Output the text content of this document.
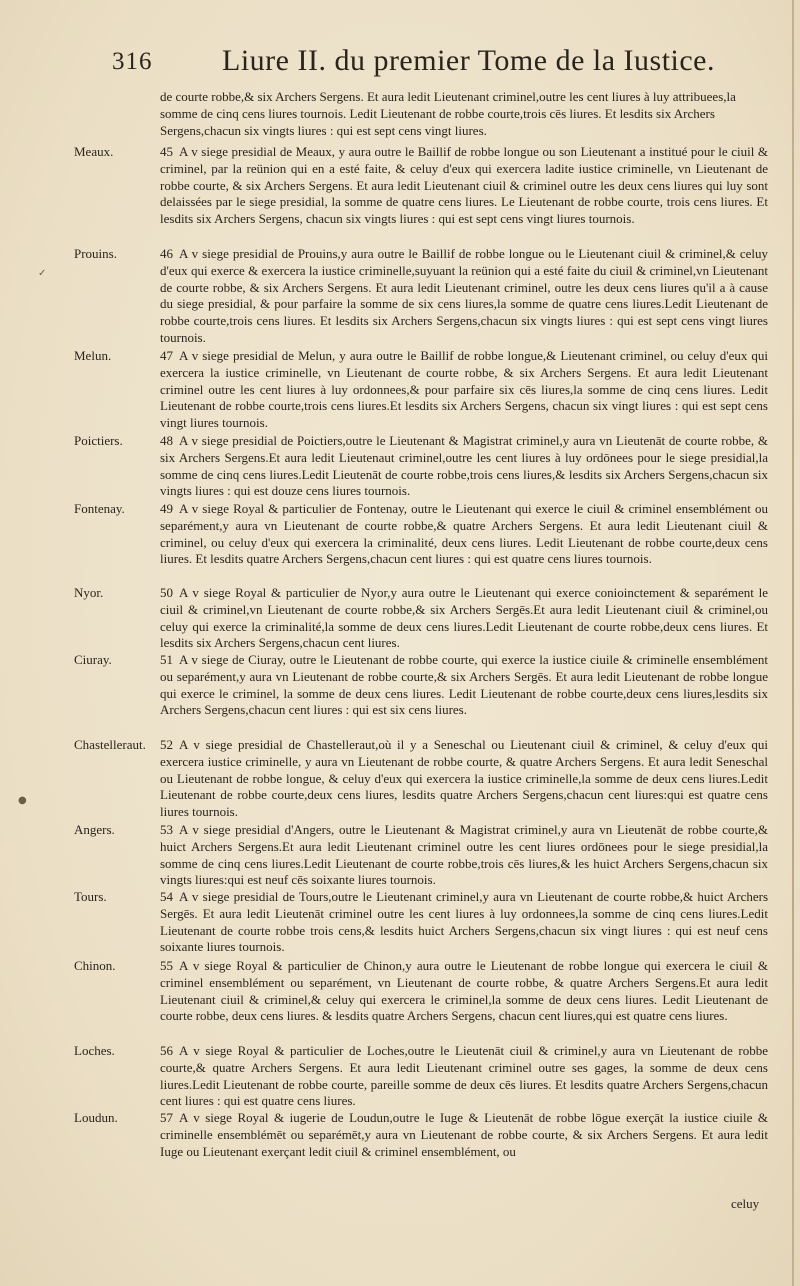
316 Liure II. du premier Tome de la Iustice.
de courte robbe,& six Archers Sergens. Et aura ledit Lieutenant criminel,outre les cent liures à luy attribuees,la somme de cinq cens liures tournois. Ledit Lieutenant de robbe courte,trois cēs liures. Et lesdits six Archers Sergens,chacun six vingts liures : qui est sept cens vingt liures.
Meaux.	45 A v siege presidial de Meaux, y aura outre le Baillif de robbe longue ou son Lieutenant a institué pour le ciuil & criminel, par la reünion qui en a esté faite, & celuy d'eux qui exercera ladite iustice criminelle, vn Lieutenant de robbe courte, & six Archers Sergens. Et aura ledit Lieutenant ciuil & criminel outre les deux cens liures qui luy sont delaissées par le siege presidial, la somme de quatre cens liures. Le Lieutenant de robbe courte, trois cens liures. Et lesdits six Archers Sergens, chacun six vingts liures : qui est sept cens vingt liures tournois.
Prouins.	46 A v siege presidial de Prouins,y aura outre le Baillif de robbe longue ou le Lieutenant ciuil & criminel,& celuy d'eux qui exerce & exercera la iustice criminelle,suyuant la reünion qui a esté faite du ciuil & criminel,vn Lieutenant de courte robbe, & six Archers Sergens. Et aura ledit Lieutenant criminel, outre les deux cens liures qu'il a à cause du siege presidial, & pour parfaire la somme de six cens liures,la somme de quatre cens liures.Ledit Lieutenant de robbe courte,trois cens liures. Et lesdits six Archers Sergens,chacun six vingts liures : qui est sept cens vingt liures tournois.
Melun.	47 A v siege presidial de Melun, y aura outre le Baillif de robbe longue,& Lieutenant criminel, ou celuy d'eux qui exercera la iustice criminelle, vn Lieutenant de courte robbe, & six Archers Sergens. Et aura ledit Lieutenant criminel outre les cent liures à luy ordonnees,& pour parfaire six cēs liures,la somme de cinq cens liures. Ledit Lieutenant de robbe courte,trois cens liures.Et lesdits six Archers Sergens, chacun six vingt liures : qui est sept cens vingt liures tournois.
Poictiers.	48 A v siege presidial de Poictiers,outre le Lieutenant & Magistrat criminel,y aura vn Lieutenāt de courte robbe, & six Archers Sergens.Et aura ledit Lieutenaut criminel,outre les cent liures à luy ordōnees pour le siege presidial,la somme de cinq cens liures.Ledit Lieutenāt de courte robbe,trois cens liures,& lesdits six Archers Sergens,chacun six vingts liures : qui est douze cens liures tournois.
Fontenay.	49 A v siege Royal & particulier de Fontenay, outre le Lieutenant qui exerce le ciuil & criminel ensemblément ou separément,y aura vn Lieutenant de courte robbe,& quatre Archers Sergens. Et aura ledit Lieutenant ciuil & criminel, ou celuy d'eux qui exercera la criminalité, deux cens liures. Ledit Lieutenant de robbe courte,deux cens liures. Et lesdits quatre Archers Sergens,chacun cent liures : qui est quatre cens liures tournois.
Nyor.	50 A v siege Royal & particulier de Nyor,y aura outre le Lieutenant qui exerce conioinctement & separément le ciuil & criminel,vn Lieutenant de courte robbe,& six Archers Sergēs.Et aura ledit Lieutenant ciuil & criminel,ou celuy qui exerce la criminalité,la somme de deux cens liures.Ledit Lieutenant de courte robbe,deux cens liures. Et lesdits six Archers Sergens,chacun cent liures.
Ciuray.	51 A v siege de Ciuray, outre le Lieutenant de robbe courte, qui exerce la iustice ciuile & criminelle ensemblément ou separément,y aura vn Lieutenant de robbe courte,& six Archers Sergēs. Et aura ledit Lieutenant de robbe longue qui exerce le criminel, la somme de deux cens liures. Ledit Lieutenant de robbe courte,deux cens liures,lesdits six Archers Sergens,chacun cent liures : qui est six cens liures.
Chastelleraut. 52 A v siege presidial de Chastelleraut,où il y a Seneschal ou Lieutenant ciuil & criminel, & celuy d'eux qui exercera iustice criminelle, y aura vn Lieutenant de robbe courte, & quatre Archers Sergens. Et aura ledit Seneschal ou Lieutenant de robbe longue, & celuy d'eux qui exercera la iustice criminelle,la somme de deux cens liures.Ledit Lieutenant de robbe courte,deux cens liures, lesdits quatre Archers Sergens,chacun cent liures:qui est quatre cens liures tournois.
Angers.	53 A v siege presidial d'Angers, outre le Lieutenant & Magistrat criminel,y aura vn Lieutenāt de robbe courte,& huict Archers Sergens.Et aura ledit Lieutenant criminel outre les cent liures ordōnees pour le siege presidial,la somme de cinq cens liures.Ledit Lieutenant de courte robbe,trois cēs liures,& les huict Archers Sergens,chacun six vingts liures:qui est neuf cēs soixante liures tournois.
Tours.	54 A v siege presidial de Tours,outre le Lieutenant criminel,y aura vn Lieutenant de courte robbe,& huict Archers Sergēs. Et aura ledit Lieutenāt criminel outre les cent liures à luy ordonnees,la somme de cinq cens liures.Ledit Lieutenant de courte robbe trois cens,& lesdits huict Archers Sergens,chacun six vingt liures : qui est neuf cens soixante liures tournois.
Chinon.	55 A v siege Royal & particulier de Chinon,y aura outre le Lieutenant de robbe longue qui exercera le ciuil & criminel ensemblément ou separément, vn Lieutenant de courte robbe, & quatre Archers Sergens.Et aura ledit Lieutenant ciuil & criminel,& celuy qui exercera le criminel,la somme de deux cens liures. Ledit Lieutenant de courte robbe, deux cens liures. & lesdits quatre Archers Sergens, chacun cent liures,qui est quatre cens liures.
Loches.	56 A v siege Royal & particulier de Loches,outre le Lieutenāt ciuil & criminel,y aura vn Lieutenant de robbe courte,& quatre Archers Sergens. Et aura ledit Lieutenant criminel outre ses gages, la somme de deux cens liures.Ledit Lieutenant de robbe courte, pareille somme de deux cēs liures. Et lesdits quatre Archers Sergens,chacun cent liures : qui est quatre cens liures.
Loudun.	57 A v siege Royal & iugerie de Loudun,outre le Iuge & Lieutenāt de robbe lōgue exerçāt la iustice ciuile & criminelle ensemblémēt ou separémēt,y aura vn Lieutenant de robbe courte, & six Archers Sergens. Et aura ledit Iuge ou Lieutenant exerçant ledit ciuil & criminel ensemblément, ou
celuy
✓
●
